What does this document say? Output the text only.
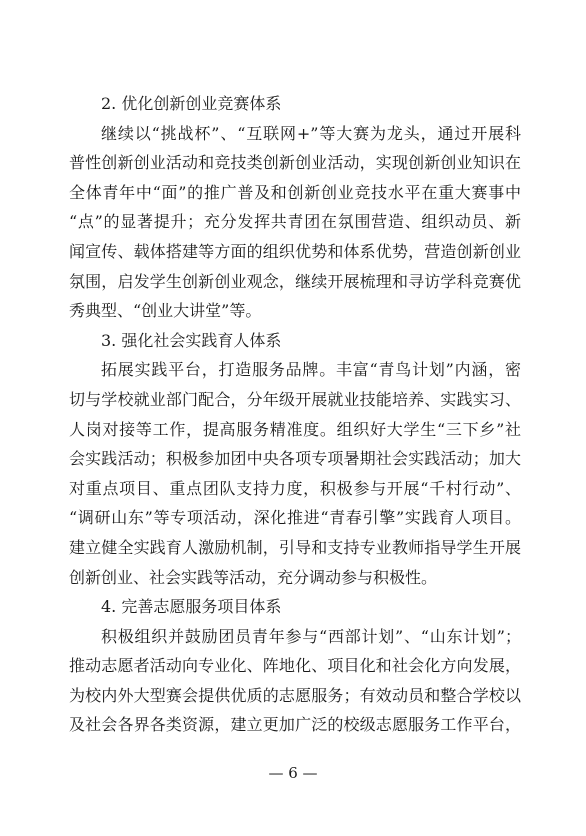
2. 优化创新创业竞赛体系
继续以“挑战杯”、“互联网+”等大赛为龙头，通过开展科
普性创新创业活动和竞技类创新创业活动，实现创新创业知识在
全体青年中“面”的推广普及和创新创业竞技水平在重大赛事中
“点”的显著提升；充分发挥共青团在氛围营造、组织动员、新
闻宣传、载体搭建等方面的组织优势和体系优势，营造创新创业
氛围，启发学生创新创业观念，继续开展梳理和寻访学科竞赛优
秀典型、“创业大讲堂”等。
3. 强化社会实践育人体系
拓展实践平台，打造服务品牌。丰富“青鸟计划”内涵，密
切与学校就业部门配合，分年级开展就业技能培养、实践实习、
人岗对接等工作，提高服务精准度。组织好大学生“三下乡”社
会实践活动；积极参加团中央各项专项暑期社会实践活动；加大
对重点项目、重点团队支持力度，积极参与开展“千村行动”、
“调研山东”等专项活动，深化推进“青春引擎”实践育人项目。
建立健全实践育人激励机制，引导和支持专业教师指导学生开展
创新创业、社会实践等活动，充分调动参与积极性。
4. 完善志愿服务项目体系
积极组织并鼓励团员青年参与“西部计划”、“山东计划”；
推动志愿者活动向专业化、阵地化、项目化和社会化方向发展，
为校内外大型赛会提供优质的志愿服务；有效动员和整合学校以
及社会各界各类资源，建立更加广泛的校级志愿服务工作平台，
— 6 —
